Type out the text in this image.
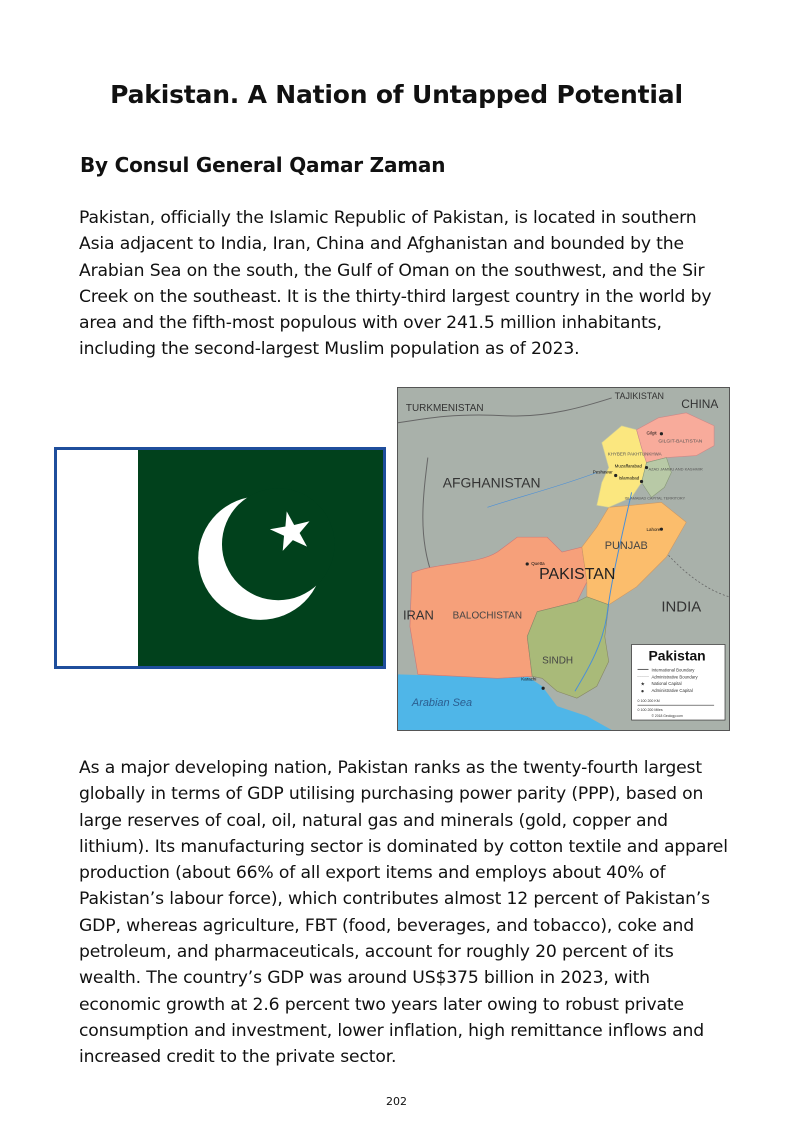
Pakistan. A Nation of Untapped Potential
By Consul General Qamar Zaman

Pakistan, officially the Islamic Republic of Pakistan, is located in southern Asia adjacent to India, Iran, China and Afghanistan and bounded by the Arabian Sea on the south, the Gulf of Oman on the southwest, and the Sir Creek on the southeast. It is the thirty-third largest country in the world by area and the fifth-most populous with over 241.5 million inhabitants, including the second-largest Muslim population as of 2023.

TURKMENISTAN
TAJIKISTAN
CHINA
AFGHANISTAN
PAKISTAN
INDIA
IRAN
PUNJAB
BALOCHISTAN
SINDH
KHYBER PAKHTUNKHWA
GILGIT-BALTISTAN
AZAD JAMMU AND KASHMIR
ISLAMABAD CAPITAL TERRITORY
Arabian Sea
Islamabad
Lahore
Karachi
Quetta
Peshawar
Muzaffarabad
Gilgit
Pakistan
International Boundary
Administrative Boundary
★ National Capital
Administrative Capital
0 100 200 KM
0 100 200 Miles
© 2018 Geology.com

As a major developing nation, Pakistan ranks as the twenty-fourth largest globally in terms of GDP utilising purchasing power parity (PPP), based on large reserves of coal, oil, natural gas and minerals (gold, copper and lithium). Its manufacturing sector is dominated by cotton textile and apparel production (about 66% of all export items and employs about 40% of Pakistan’s labour force), which contributes almost 12 percent of Pakistan’s GDP, whereas agriculture, FBT (food, beverages, and tobacco), coke and petroleum, and pharmaceuticals, account for roughly 20 percent of its wealth. The country’s GDP was around US$375 billion in 2023, with economic growth at 2.6 percent two years later owing to robust private consumption and investment, lower inflation, high remittance inflows and increased credit to the private sector.

202
